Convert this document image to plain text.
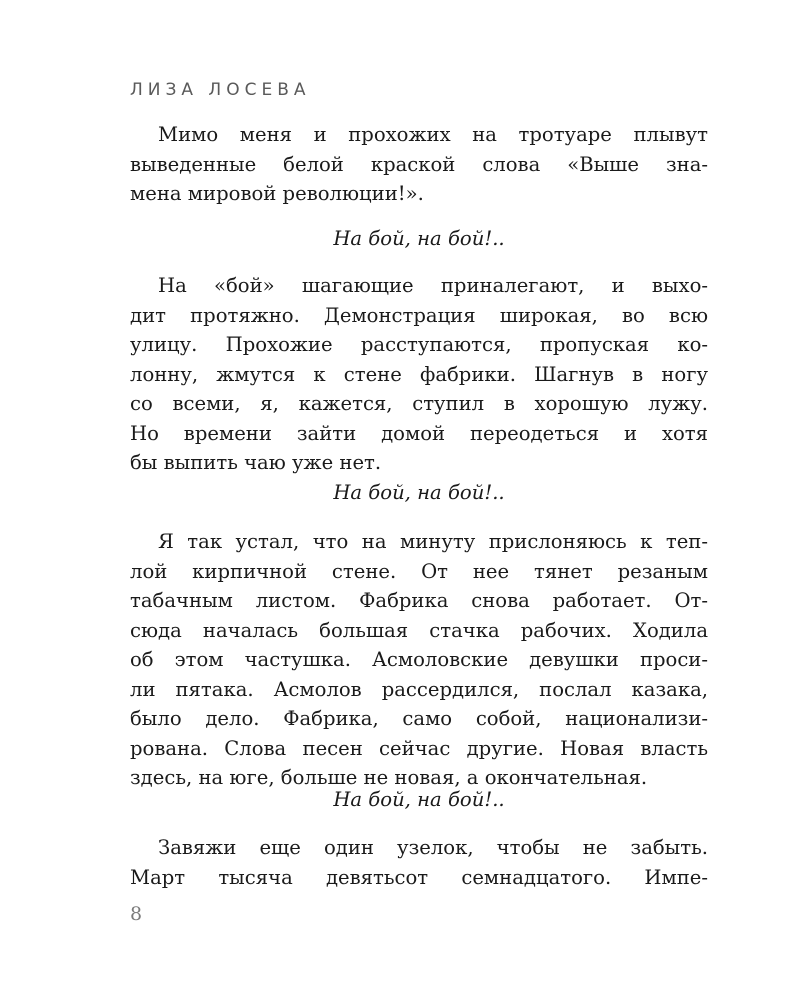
ЛИЗА ЛОСЕВА
Мимо меня и прохожих на тротуаре плывут
выведенные белой краской слова «Выше зна-
мена мировой революции!».
На бой, на бой!..
На «бой» шагающие приналегают, и выхо-
дит протяжно. Демонстрация широкая, во всю
улицу. Прохожие расступаются, пропуская ко-
лонну, жмутся к стене фабрики. Шагнув в ногу
со всеми, я, кажется, ступил в хорошую лужу.
Но времени зайти домой переодеться и хотя
бы выпить чаю уже нет.
На бой, на бой!..
Я так устал, что на минуту прислоняюсь к теп-
лой кирпичной стене. От нее тянет резаным
табачным листом. Фабрика снова работает. От-
сюда началась большая стачка рабочих. Ходила
об этом частушка. Асмоловские девушки проси-
ли пятака. Асмолов рассердился, послал казака,
было дело. Фабрика, само собой, национализи-
рована. Слова песен сейчас другие. Новая власть
здесь, на юге, больше не новая, а окончательная.
На бой, на бой!..
Завяжи еще один узелок, чтобы не забыть.
Март тысяча девятьсот семнадцатого. Импе-
8
